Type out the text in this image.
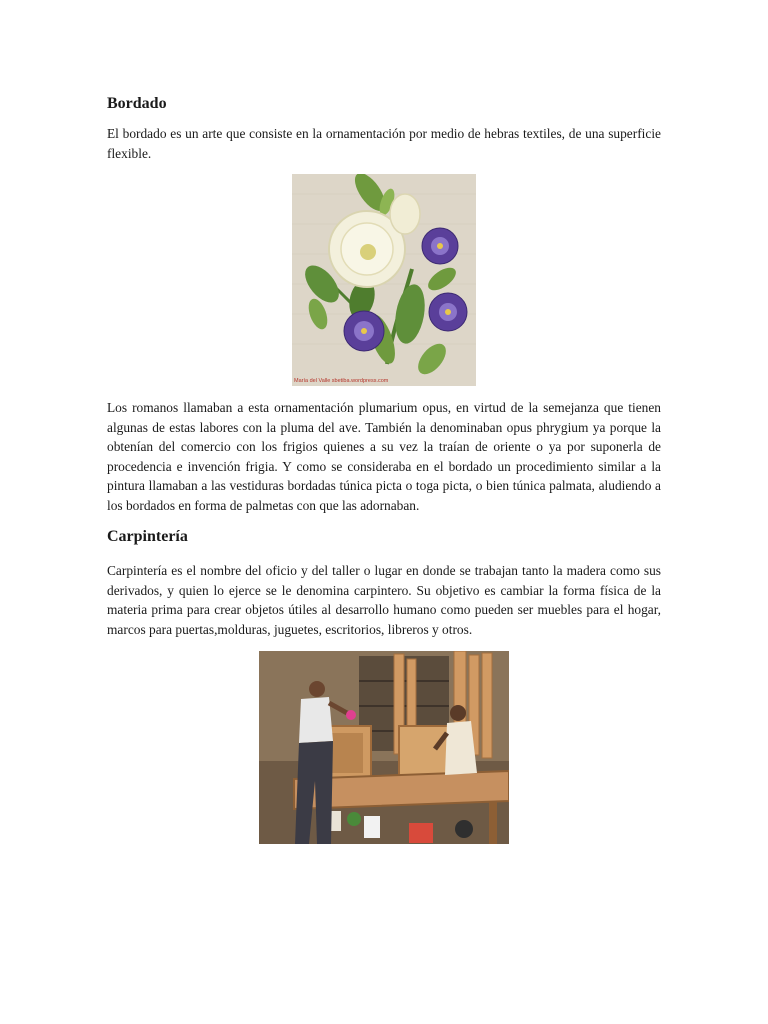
Bordado

El bordado es un arte que consiste en la ornamentación por medio de hebras textiles, de una superficie flexible.

María del Valle sbetiba.wordpress.com

Los romanos llamaban a esta ornamentación plumarium opus, en virtud de la semejanza que tienen algunas de estas labores con la pluma del ave. También la denominaban opus phrygium ya porque la obtenían del comercio con los frigios quienes a su vez la traían de oriente o ya por suponerla de procedencia e invención frigia. Y como se consideraba en el bordado un procedimiento similar a la pintura llamaban a las vestiduras bordadas túnica picta o toga picta, o bien túnica palmata, aludiendo a los bordados en forma de palmetas con que las adornaban.

Carpintería

Carpintería es el nombre del oficio y del taller o lugar en donde se trabajan tanto la madera como sus derivados, y quien lo ejerce se le denomina carpintero. Su objetivo es cambiar la forma física de la materia prima para crear objetos útiles al desarrollo humano como pueden ser muebles para el hogar, marcos para puertas,molduras, juguetes, escritorios, libreros y otros.
